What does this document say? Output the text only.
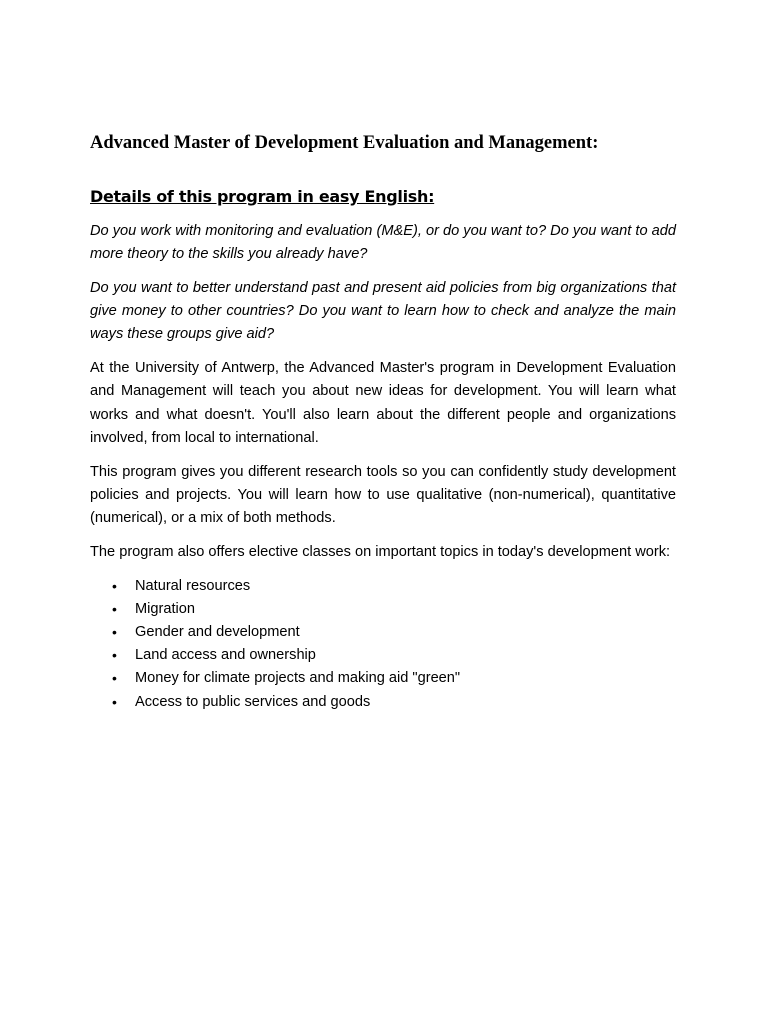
Advanced Master of Development Evaluation and Management:
Details of this program in easy English:

Do you work with monitoring and evaluation (M&E), or do you want to? Do you want to add more theory to the skills you already have?

Do you want to better understand past and present aid policies from big organizations that give money to other countries? Do you want to learn how to check and analyze the main ways these groups give aid?

At the University of Antwerp, the Advanced Master's program in Development Evaluation and Management will teach you about new ideas for development. You will learn what works and what doesn't. You'll also learn about the different people and organizations involved, from local to international.

This program gives you different research tools so you can confidently study development policies and projects. You will learn how to use qualitative (non-numerical), quantitative (numerical), or a mix of both methods.

The program also offers elective classes on important topics in today's development work:

• Natural resources
• Migration
• Gender and development
• Land access and ownership
• Money for climate projects and making aid "green"
• Access to public services and goods
